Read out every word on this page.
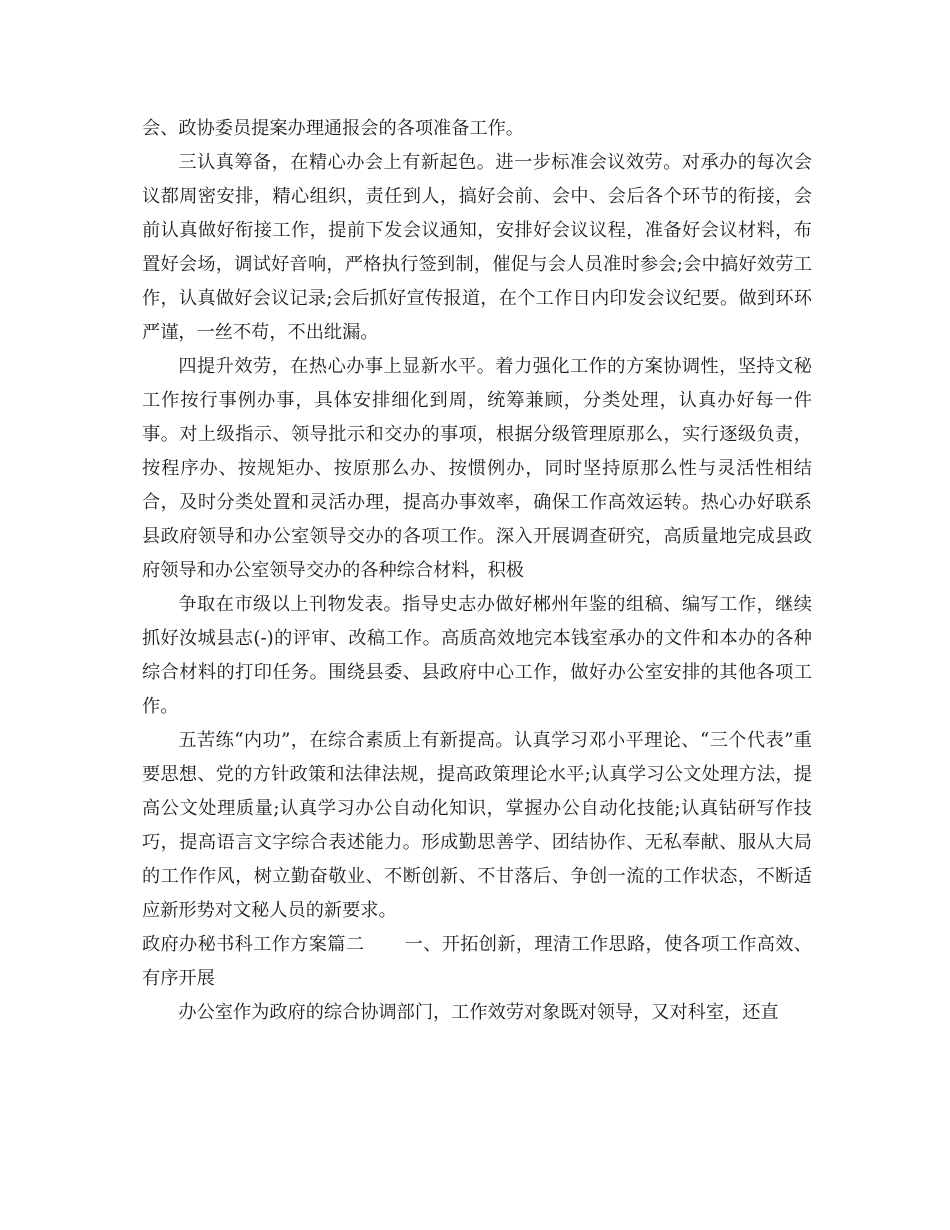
会、政协委员提案办理通报会的各项准备工作。

三认真筹备，在精心办会上有新起色。进一步标准会议效劳。对承办的每次会议都周密安排，精心组织，责任到人，搞好会前、会中、会后各个环节的衔接，会前认真做好衔接工作，提前下发会议通知，安排好会议议程，准备好会议材料，布置好会场，调试好音响，严格执行签到制，催促与会人员准时参会;会中搞好效劳工作，认真做好会议记录;会后抓好宣传报道，在个工作日内印发会议纪要。做到环环严谨，一丝不苟，不出纰漏。

四提升效劳，在热心办事上显新水平。着力强化工作的方案协调性，坚持文秘工作按行事例办事，具体安排细化到周，统筹兼顾，分类处理，认真办好每一件事。对上级指示、领导批示和交办的事项，根据分级管理原那么，实行逐级负责，按程序办、按规矩办、按原那么办、按惯例办，同时坚持原那么性与灵活性相结合，及时分类处置和灵活办理，提高办事效率，确保工作高效运转。热心办好联系县政府领导和办公室领导交办的各项工作。深入开展调查研究，高质量地完成县政府领导和办公室领导交办的各种综合材料，积极

争取在市级以上刊物发表。指导史志办做好郴州年鉴的组稿、编写工作，继续抓好汝城县志(-)的评审、改稿工作。高质高效地完本钱室承办的文件和本办的各种综合材料的打印任务。围绕县委、县政府中心工作，做好办公室安排的其他各项工作。

五苦练“内功”，在综合素质上有新提高。认真学习邓小平理论、“三个代表”重要思想、党的方针政策和法律法规，提高政策理论水平;认真学习公文处理方法，提高公文处理质量;认真学习办公自动化知识，掌握办公自动化技能;认真钻研写作技巧，提高语言文字综合表述能力。形成勤思善学、团结协作、无私奉献、服从大局的工作作风，树立勤奋敬业、不断创新、不甘落后、争创一流的工作状态，不断适应新形势对文秘人员的新要求。

政府办秘书科工作方案篇二 一、开拓创新，理清工作思路，使各项工作高效、有序开展

办公室作为政府的综合协调部门，工作效劳对象既对领导，又对科室，还直
